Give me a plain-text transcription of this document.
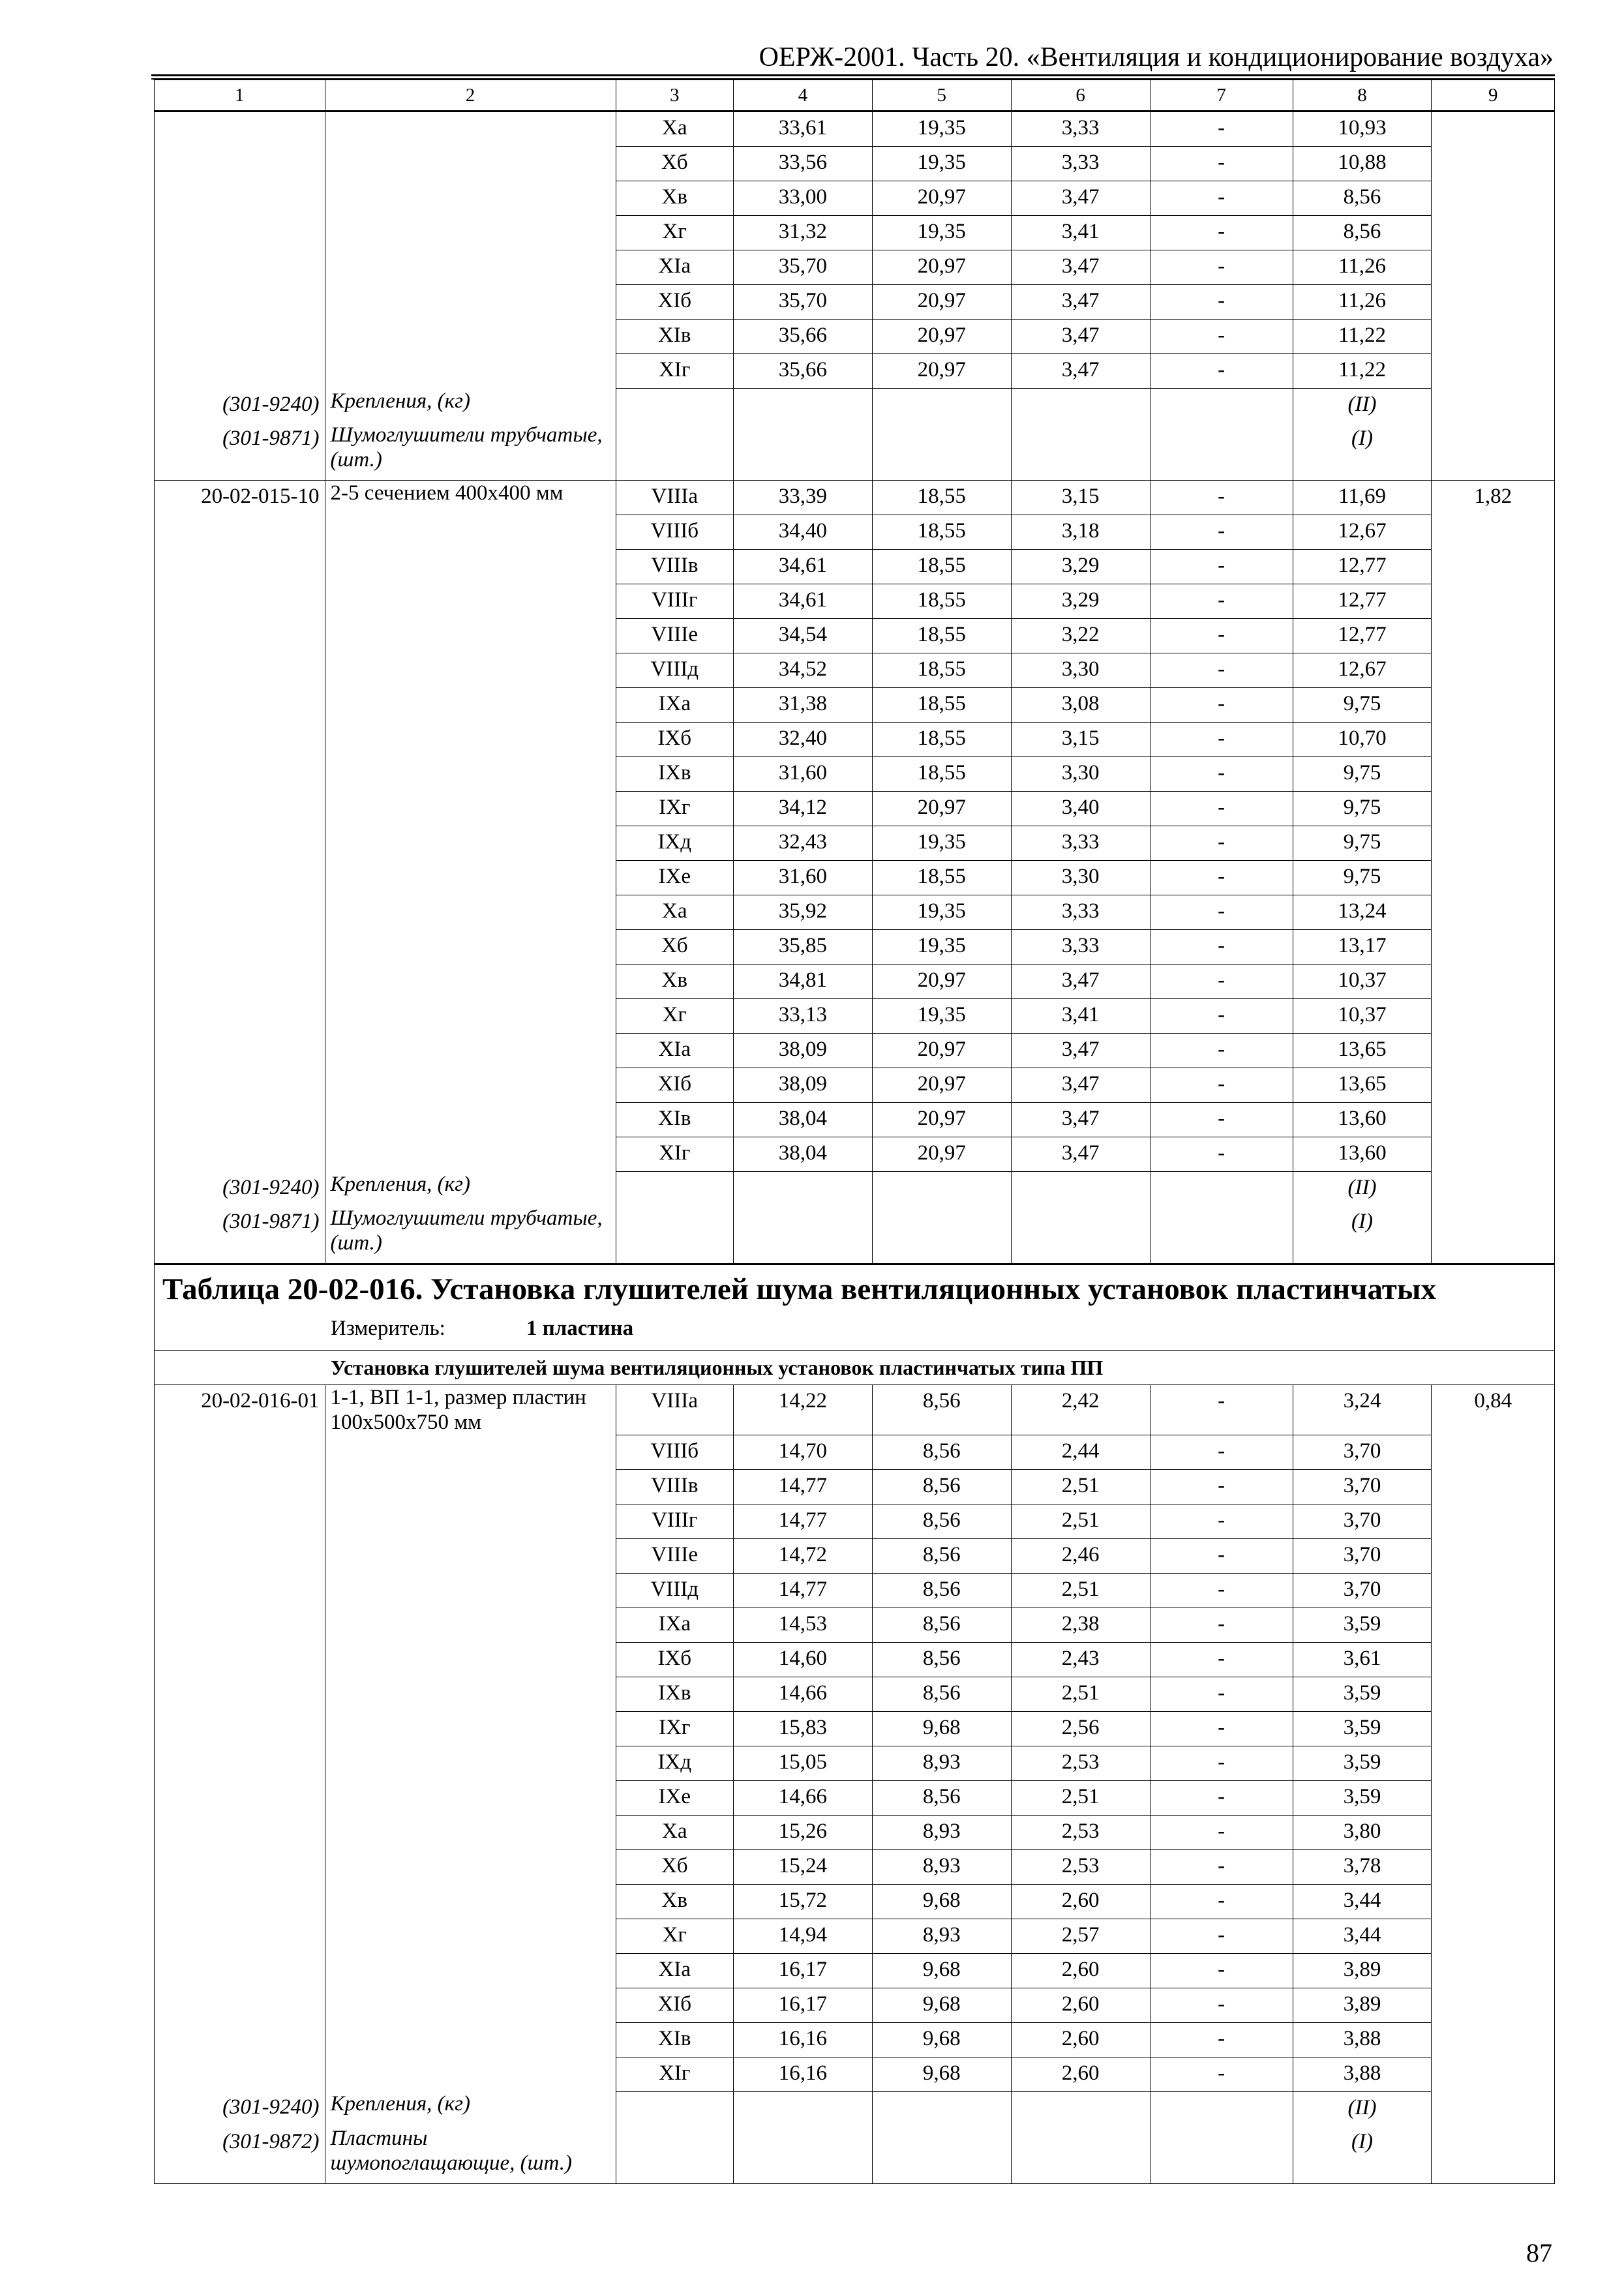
ОЕРЖ-2001. Часть 20. «Вентиляция и кондиционирование воздуха»
1	2	3	4	5	6	7	8	9
		Xa	33,61	19,35	3,33	-	10,93	
		Xб	33,56	19,35	3,33	-	10,88	
		Xв	33,00	20,97	3,47	-	8,56	
		Xг	31,32	19,35	3,41	-	8,56	
		XIa	35,70	20,97	3,47	-	11,26	
		XIб	35,70	20,97	3,47	-	11,26	
		XIв	35,66	20,97	3,47	-	11,22	
		XIг	35,66	20,97	3,47	-	11,22	
(301-9240)	Крепления, (кг)						(II)	
(301-9871)	Шумоглушители трубчатые, (шт.)						(I)	
20-02-015-10	2-5 сечением 400x400 мм	VIIIa	33,39	18,55	3,15	-	11,69	1,82
		VIIIб	34,40	18,55	3,18	-	12,67	
		VIIIв	34,61	18,55	3,29	-	12,77	
		VIIIг	34,61	18,55	3,29	-	12,77	
		VIIIe	34,54	18,55	3,22	-	12,77	
		VIIIд	34,52	18,55	3,30	-	12,67	
		IXa	31,38	18,55	3,08	-	9,75	
		IXб	32,40	18,55	3,15	-	10,70	
		IXв	31,60	18,55	3,30	-	9,75	
		IXг	34,12	20,97	3,40	-	9,75	
		IXд	32,43	19,35	3,33	-	9,75	
		IXe	31,60	18,55	3,30	-	9,75	
		Xa	35,92	19,35	3,33	-	13,24	
		Xб	35,85	19,35	3,33	-	13,17	
		Xв	34,81	20,97	3,47	-	10,37	
		Xг	33,13	19,35	3,41	-	10,37	
		XIa	38,09	20,97	3,47	-	13,65	
		XIб	38,09	20,97	3,47	-	13,65	
		XIв	38,04	20,97	3,47	-	13,60	
		XIг	38,04	20,97	3,47	-	13,60	
(301-9240)	Крепления, (кг)						(II)	
(301-9871)	Шумоглушители трубчатые, (шт.)						(I)	

Таблица 20-02-016. Установка глушителей шума вентиляционных установок пластинчатых
Измеритель: 1 пластина								

Установка глушителей шума вентиляционных установок пластинчатых типа ПП								
20-02-016-01	1-1, ВП 1-1, размер пластин 100x500x750 мм	VIIIa	14,22	8,56	2,42	-	3,24	0,84
		VIIIб	14,70	8,56	2,44	-	3,70	
		VIIIв	14,77	8,56	2,51	-	3,70	
		VIIIг	14,77	8,56	2,51	-	3,70	
		VIIIe	14,72	8,56	2,46	-	3,70	
		VIIIд	14,77	8,56	2,51	-	3,70	
		IXa	14,53	8,56	2,38	-	3,59	
		IXб	14,60	8,56	2,43	-	3,61	
		IXв	14,66	8,56	2,51	-	3,59	
		IXг	15,83	9,68	2,56	-	3,59	
		IXд	15,05	8,93	2,53	-	3,59	
		IXe	14,66	8,56	2,51	-	3,59	
		Xa	15,26	8,93	2,53	-	3,80	
		Xб	15,24	8,93	2,53	-	3,78	
		Xв	15,72	9,68	2,60	-	3,44	
		Xг	14,94	8,93	2,57	-	3,44	
		XIa	16,17	9,68	2,60	-	3,89	
		XIб	16,17	9,68	2,60	-	3,89	
		XIв	16,16	9,68	2,60	-	3,88	
		XIг	16,16	9,68	2,60	-	3,88	
(301-9240)	Крепления, (кг)						(II)	
(301-9872)	Пластины шумопоглащающие, (шт.)						(I)	
87
